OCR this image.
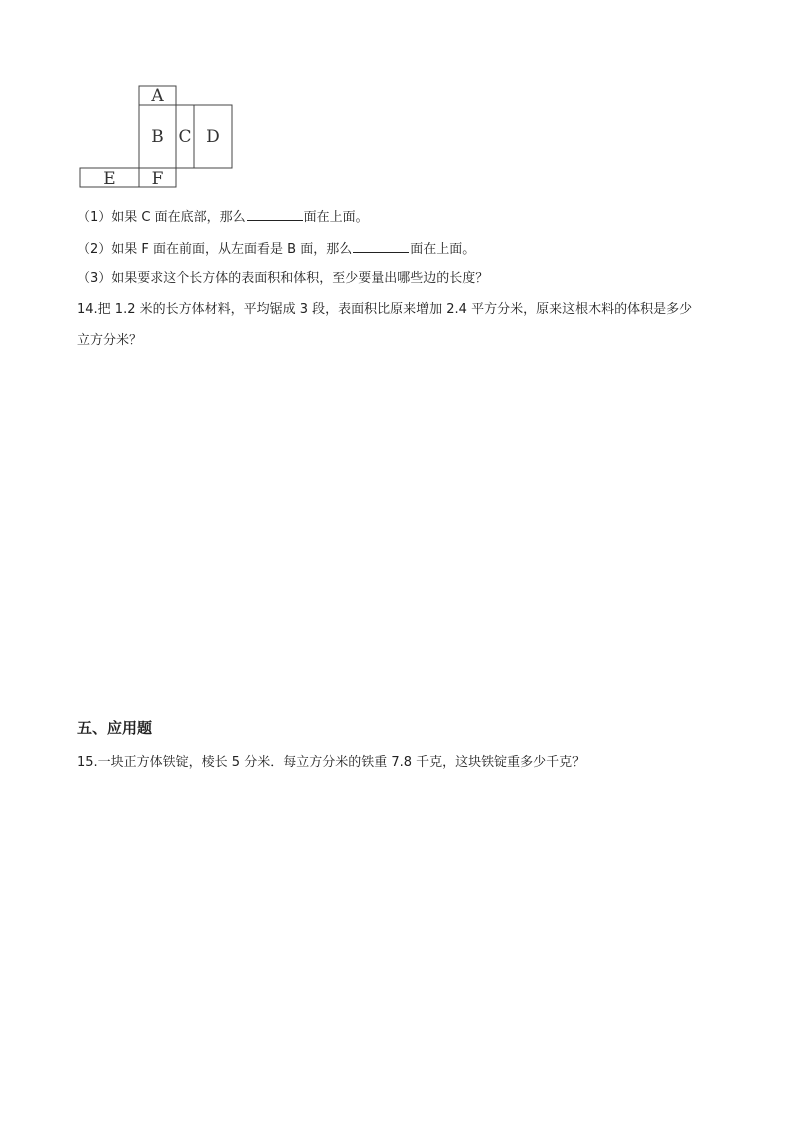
A
B C D
E F
（1）如果 C 面在底部，那么	面在上面。
（2）如果 F 面在前面，从左面看是 B 面，那么	面在上面。
（3）如果要求这个长方体的表面积和体积，至少要量出哪些边的长度？
14.把 1.2 米的长方体材料，平均锯成 3 段，表面积比原来增加 2.4 平方分米，原来这根木料的体积是多少
立方分米？
五、应用题
15.一块正方体铁锭，棱长 5 分米．每立方分米的铁重 7.8 千克，这块铁锭重多少千克？
